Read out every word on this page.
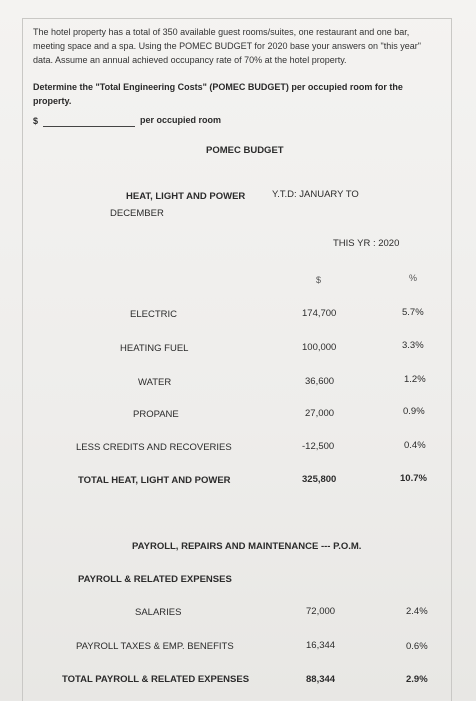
The hotel property has a total of 350 available guest rooms/suites, one restaurant and one bar, meeting space and a spa. Using the POMEC BUDGET for 2020 base your answers on "this year" data. Assume an annual achieved occupancy rate of 70% at the hotel property.
Determine the "Total Engineering Costs" (POMEC BUDGET) per occupied room for the property.
$	per occupied room
POMEC BUDGET
HEAT, LIGHT AND POWER
DECEMBER
Y.T.D: JANUARY TO
THIS YR : 2020
$	%
ELECTRIC	174,700	5.7%
HEATING FUEL	100,000	3.3%
WATER	36,600	1.2%
PROPANE	27,000	0.9%
LESS CREDITS AND RECOVERIES	-12,500	0.4%
TOTAL HEAT, LIGHT AND POWER	325,800	10.7%
PAYROLL, REPAIRS AND MAINTENANCE --- P.O.M.
PAYROLL & RELATED EXPENSES
SALARIES	72,000	2.4%
PAYROLL TAXES & EMP. BENEFITS	16,344	0.6%
TOTAL PAYROLL & RELATED EXPENSES	88,344	2.9%
